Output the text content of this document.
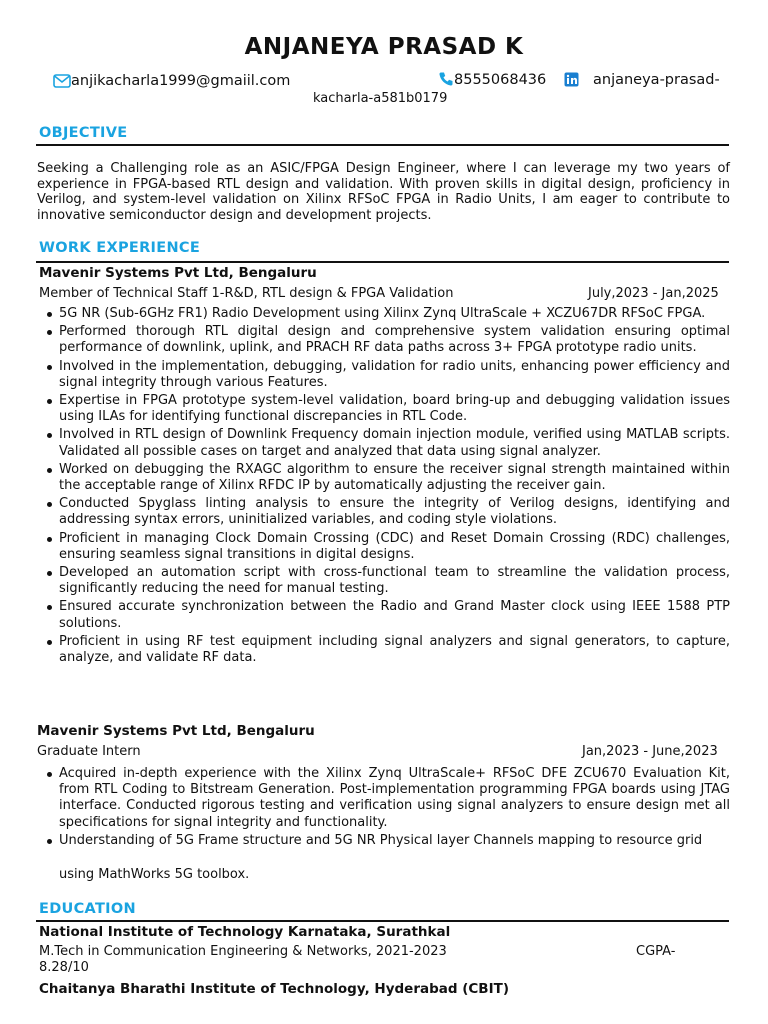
ANJANEYA PRASAD K
anjikacharla1999@gmaiil.com	8555068436	anjaneya-prasad-
kacharla-a581b0179
OBJECTIVE

Seeking a Challenging role as an ASIC/FPGA Design Engineer, where I can leverage my two years of experience in FPGA-based RTL design and validation. With proven skills in digital design, proficiency in Verilog, and system-level validation on Xilinx RFSoC FPGA in Radio Units, I am eager to contribute to innovative semiconductor design and development projects.

WORK EXPERIENCE
Mavenir Systems Pvt Ltd, Bengaluru
Member of Technical Staff 1-R&D, RTL design & FPGA Validation	July,2023 - Jan,2025
5G NR (Sub-6GHz FR1) Radio Development using Xilinx Zynq UltraScale + XCZU67DR RFSoC FPGA.
Performed thorough RTL digital design and comprehensive system validation ensuring optimal performance of downlink, uplink, and PRACH RF data paths across 3+ FPGA prototype radio units.
Involved in the implementation, debugging, validation for radio units, enhancing power efficiency and signal integrity through various Features.
Expertise in FPGA prototype system-level validation, board bring-up and debugging validation issues using ILAs for identifying functional discrepancies in RTL Code.
Involved in RTL design of Downlink Frequency domain injection module, verified using MATLAB scripts. Validated all possible cases on target and analyzed that data using signal analyzer.
Worked on debugging the RXAGC algorithm to ensure the receiver signal strength maintained within the acceptable range of Xilinx RFDC IP by automatically adjusting the receiver gain.
Conducted Spyglass linting analysis to ensure the integrity of Verilog designs, identifying and addressing syntax errors, uninitialized variables, and coding style violations.
Proficient in managing Clock Domain Crossing (CDC) and Reset Domain Crossing (RDC) challenges, ensuring seamless signal transitions in digital designs.
Developed an automation script with cross-functional team to streamline the validation process, significantly reducing the need for manual testing.
Ensured accurate synchronization between the Radio and Grand Master clock using IEEE 1588 PTP solutions.
Proficient in using RF test equipment including signal analyzers and signal generators, to capture, analyze, and validate RF data.
Mavenir Systems Pvt Ltd, Bengaluru
Graduate Intern	Jan,2023 - June,2023
Acquired in-depth experience with the Xilinx Zynq UltraScale+ RFSoC DFE ZCU670 Evaluation Kit, from RTL Coding to Bitstream Generation. Post-implementation programming FPGA boards using JTAG interface. Conducted rigorous testing and verification using signal analyzers to ensure design met all specifications for signal integrity and functionality.
Understanding of 5G Frame structure and 5G NR Physical layer Channels mapping to resource grid
using MathWorks 5G toolbox.
EDUCATION
National Institute of Technology Karnataka, Surathkal
M.Tech in Communication Engineering & Networks, 2021-2023	CGPA-
8.28/10
Chaitanya Bharathi Institute of Technology, Hyderabad (CBIT)
